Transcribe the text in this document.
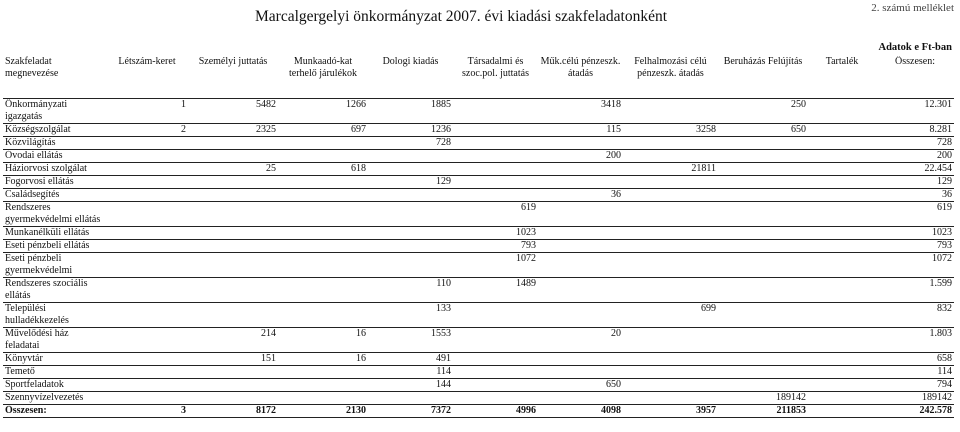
Marcalgergelyi önkormányzat 2007. évi kiadási szakfeladatonként	2. számú melléklet
Adatok e Ft-ban
Szakfeladat megnevezése	Létszám-keret	Személyi juttatás	Munkaadó-kat terhelő járulékok	Dologi kiadás	Társadalmi és szoc.pol. juttatás	Műk.célú pénzeszk. átadás	Felhalmozási célú pénzeszk. átadás	Beruházás Felújítás	Tartalék	Összesen:
Önkormányzati igazgatás	1	5482	1266	1885		3418		250		12.301
Községszolgálat	2	2325	697	1236		115	3258	650		8.281
Közvilágítás				728						728
Óvodai ellátás						200				200
Háziorvosi szolgálat		25	618				21811			22.454
Fogorvosi ellátás				129						129
Családsegítés						36				36
Rendszeres gyermekvédelmi ellátás					619					619
Munkanélküli ellátás					1023					1023
Eseti pénzbeli ellátás					793					793
Eseti pénzbeli gyermekvédelmi					1072					1072
Rendszeres szociális ellátás				110	1489					1.599
Települési hulladékkezelés				133			699			832
Művelődési ház feladatai		214	16	1553		20				1.803
Könyvtár		151	16	491						658
Temető				114						114
Sportfeladatok				144		650				794
Szennyvízelvezetés								189142		189142
Összesen:	3	8172	2130	7372	4996	4098	3957	211853		242.578
